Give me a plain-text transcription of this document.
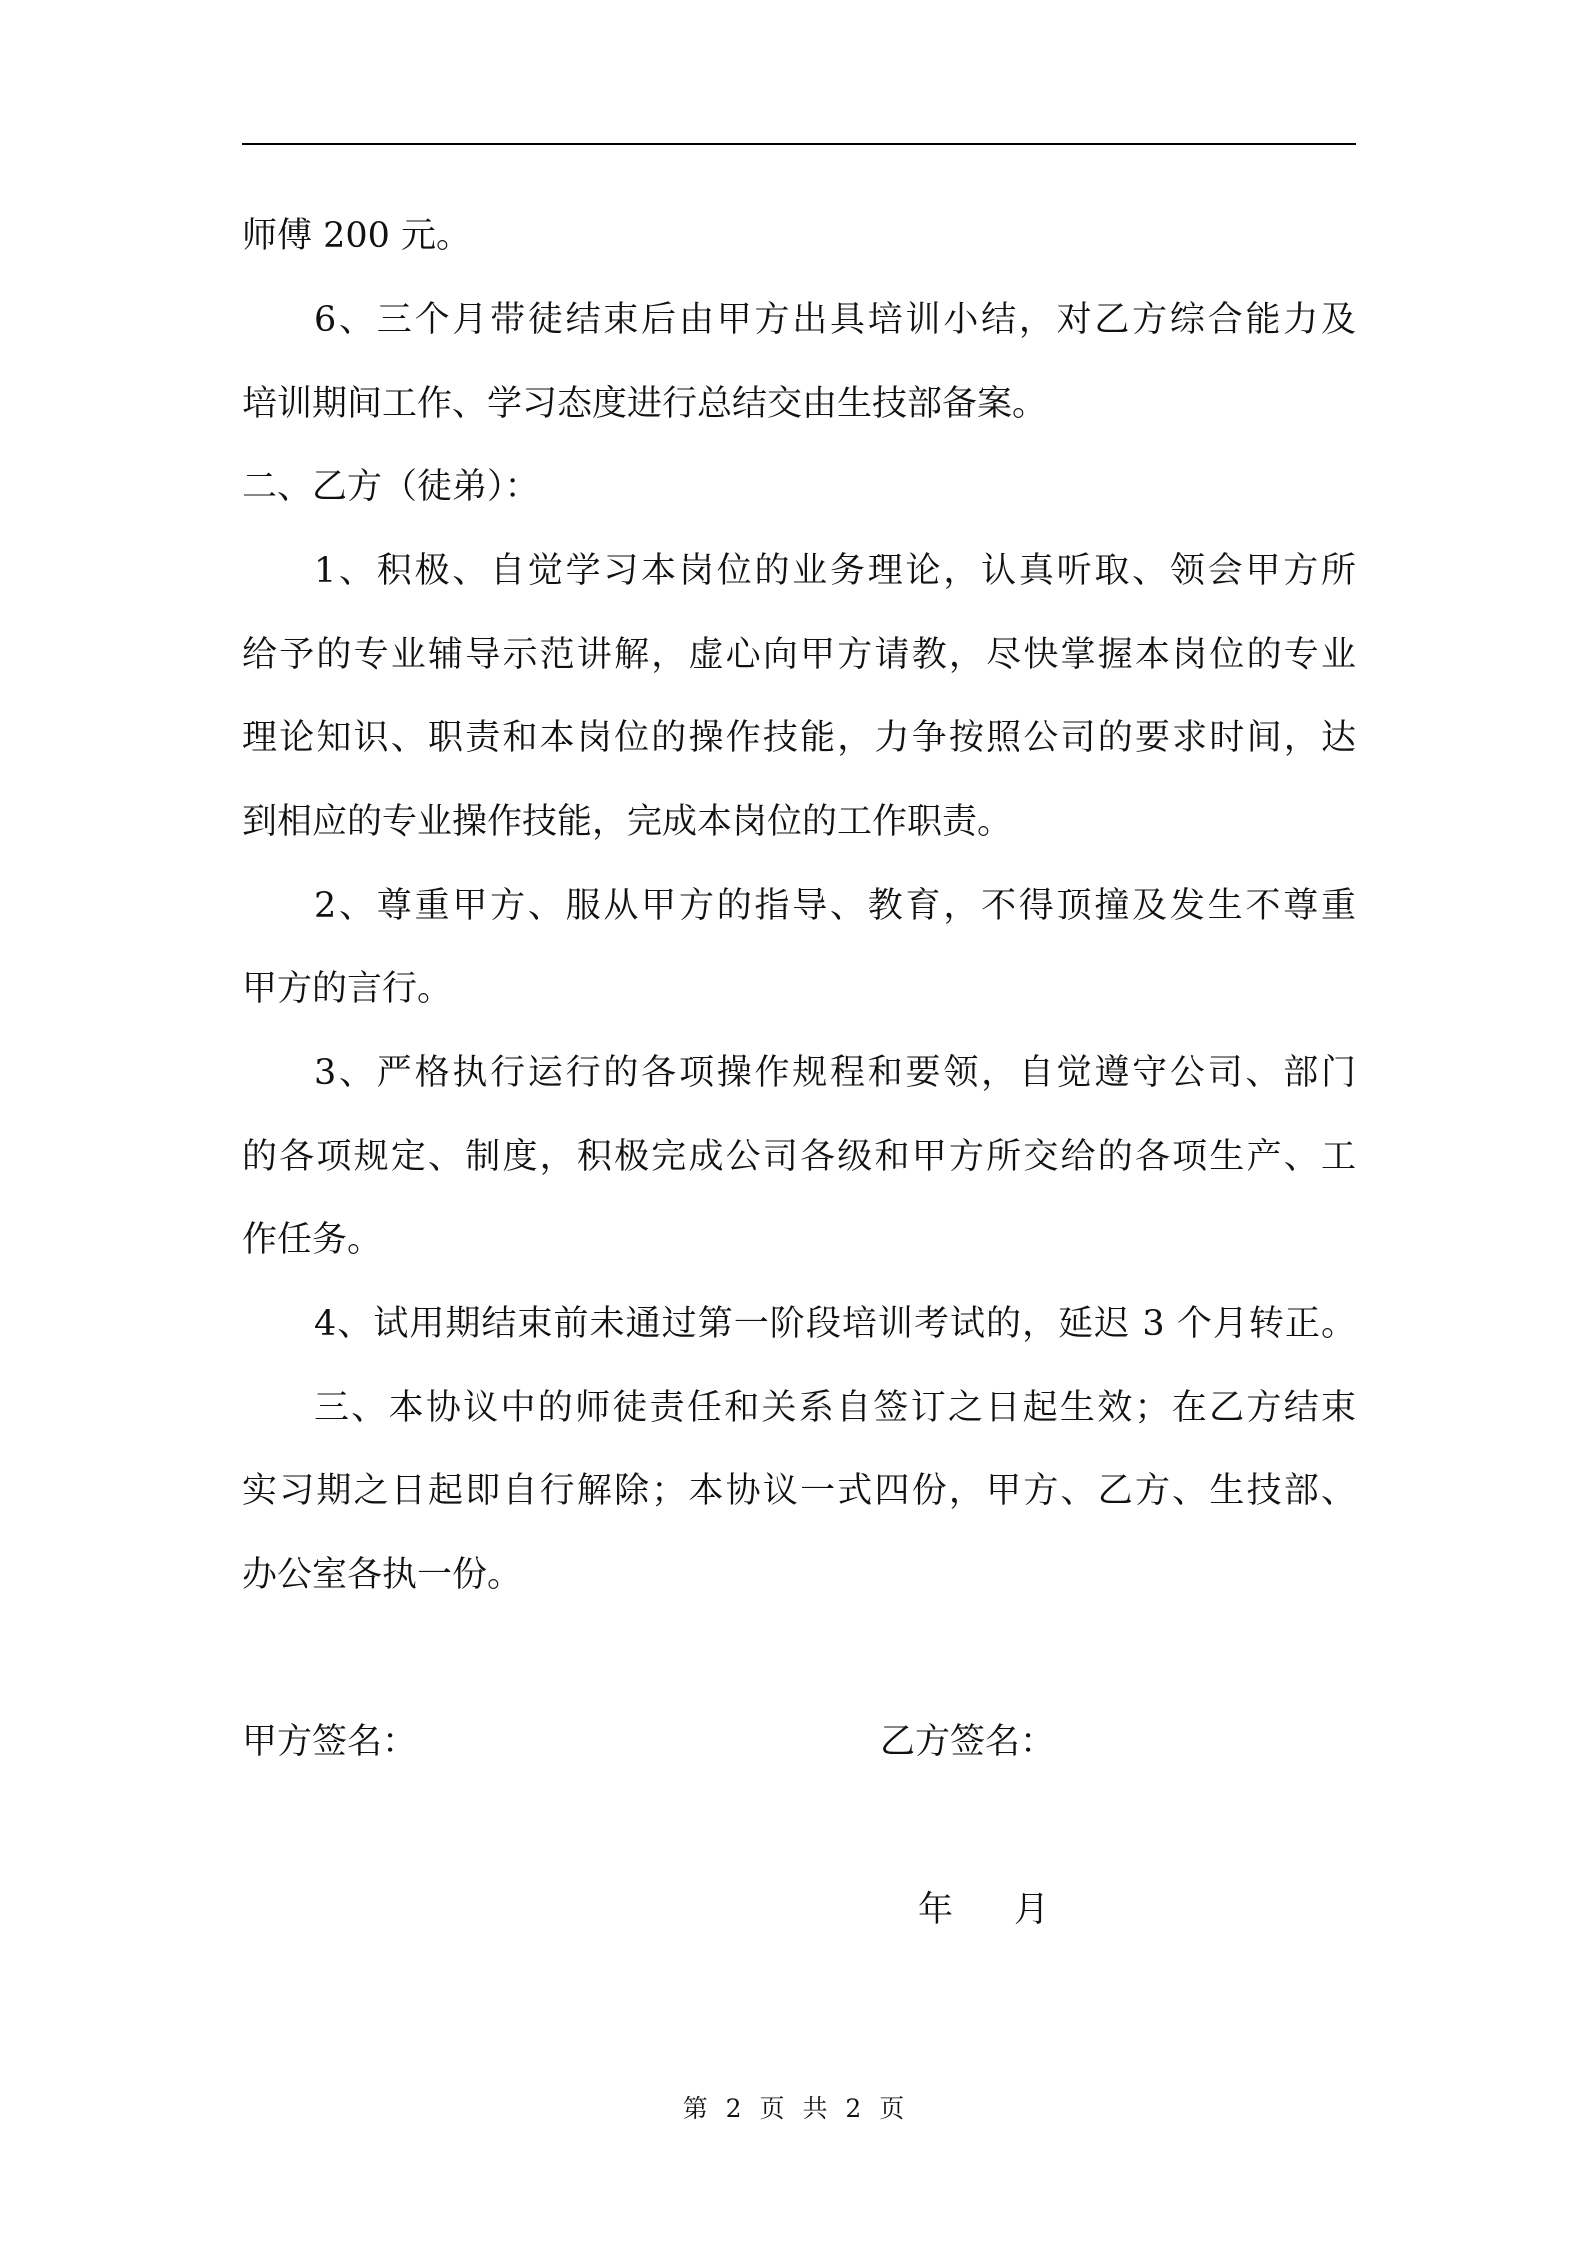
师傅 200 元。
6、三个月带徒结束后由甲方出具培训小结，对乙方综合能力及
培训期间工作、学习态度进行总结交由生技部备案。
二、乙方（徒弟）：
1、积极、自觉学习本岗位的业务理论，认真听取、领会甲方所
给予的专业辅导示范讲解，虚心向甲方请教，尽快掌握本岗位的专业
理论知识、职责和本岗位的操作技能，力争按照公司的要求时间，达
到相应的专业操作技能，完成本岗位的工作职责。
2、尊重甲方、服从甲方的指导、教育，不得顶撞及发生不尊重
甲方的言行。
3、严格执行运行的各项操作规程和要领，自觉遵守公司、部门
的各项规定、制度，积极完成公司各级和甲方所交给的各项生产、工
作任务。
4、试用期结束前未通过第一阶段培训考试的，延迟 3 个月转正。
三、本协议中的师徒责任和关系自签订之日起生效；在乙方结束
实习期之日起即自行解除；本协议一式四份，甲方、乙方、生技部、
办公室各执一份。
甲方签名：	乙方签名：
年 月
第 2 页 共 2 页
